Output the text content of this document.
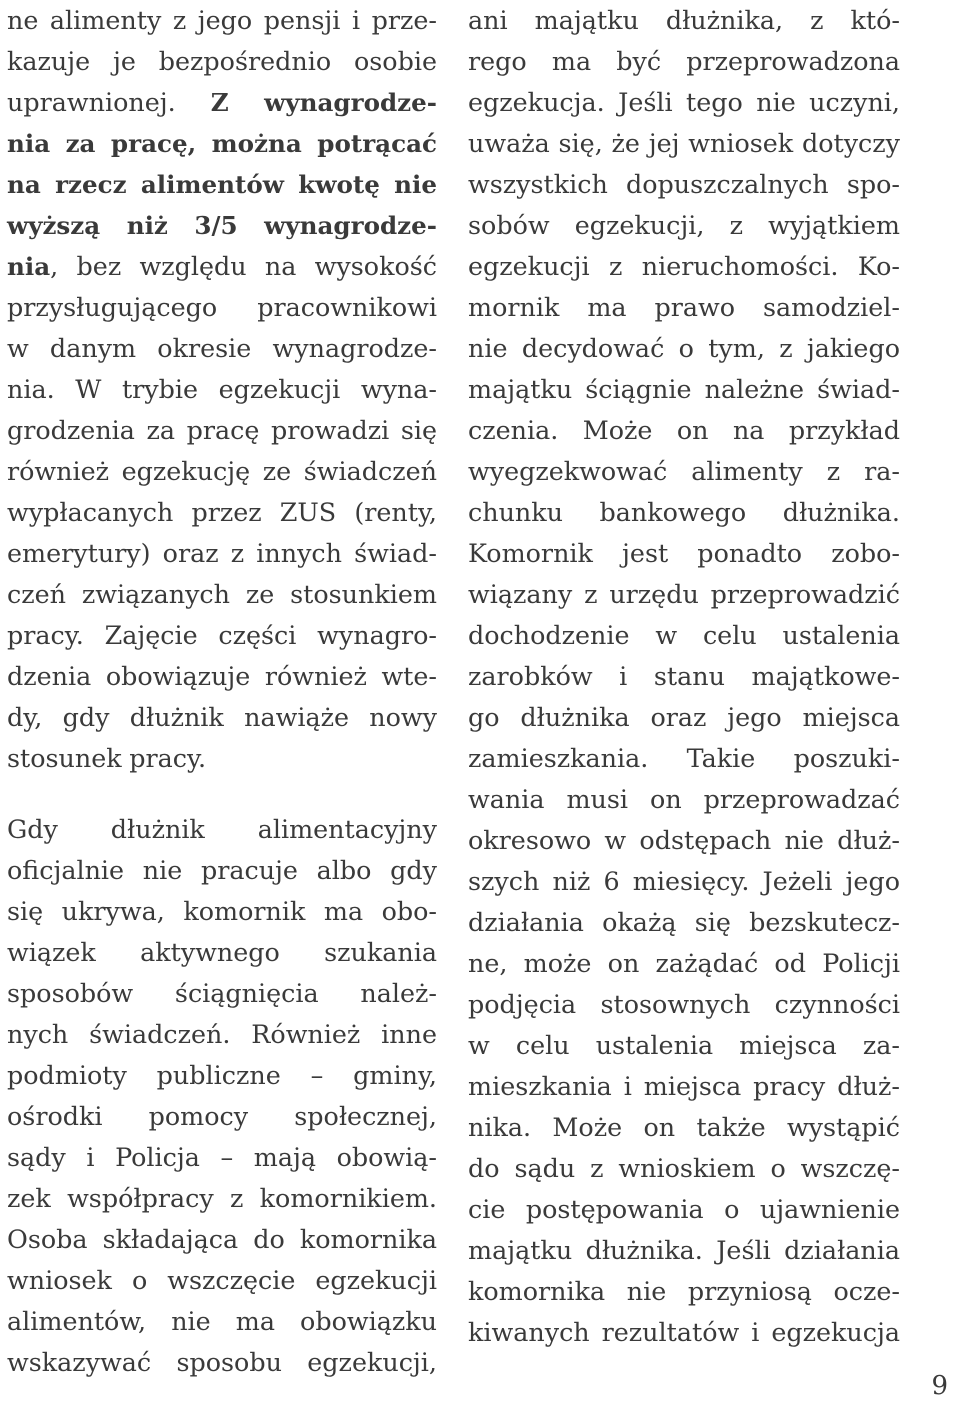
ne alimenty z jego pensji i prze-
kazuje je bezpośrednio osobie
uprawnionej. Z wynagrodze-
nia za pracę, można potrącać
na rzecz alimentów kwotę nie
wyższą niż 3/5 wynagrodze-
nia, bez względu na wysokość
przysługującego pracownikowi
w danym okresie wynagrodze-
nia. W trybie egzekucji wyna-
grodzenia za pracę prowadzi się
również egzekucję ze świadczeń
wypłacanych przez ZUS (renty,
emerytury) oraz z innych świad-
czeń związanych ze stosunkiem
pracy. Zajęcie części wynagro-
dzenia obowiązuje również wte-
dy, gdy dłużnik nawiąże nowy
stosunek pracy.
Gdy dłużnik alimentacyjny
oficjalnie nie pracuje albo gdy
się ukrywa, komornik ma obo-
wiązek aktywnego szukania
sposobów ściągnięcia należ-
nych świadczeń. Również inne
podmioty publiczne – gminy,
ośrodki pomocy społecznej,
sądy i Policja – mają obowią-
zek współpracy z komornikiem.
Osoba składająca do komornika
wniosek o wszczęcie egzekucji
alimentów, nie ma obowiązku
wskazywać sposobu egzekucji,
ani majątku dłużnika, z któ-
rego ma być przeprowadzona
egzekucja. Jeśli tego nie uczyni,
uważa się, że jej wniosek dotyczy
wszystkich dopuszczalnych spo-
sobów egzekucji, z wyjątkiem
egzekucji z nieruchomości. Ko-
mornik ma prawo samodziel-
nie decydować o tym, z jakiego
majątku ściągnie należne świad-
czenia. Może on na przykład
wyegzekwować alimenty z ra-
chunku bankowego dłużnika.
Komornik jest ponadto zobo-
wiązany z urzędu przeprowadzić
dochodzenie w celu ustalenia
zarobków i stanu majątkowe-
go dłużnika oraz jego miejsca
zamieszkania. Takie poszuki-
wania musi on przeprowadzać
okresowo w odstępach nie dłuż-
szych niż 6 miesięcy. Jeżeli jego
działania okażą się bezskutecz-
ne, może on zażądać od Policji
podjęcia stosownych czynności
w celu ustalenia miejsca za-
mieszkania i miejsca pracy dłuż-
nika. Może on także wystąpić
do sądu z wnioskiem o wszczę-
cie postępowania o ujawnienie
majątku dłużnika. Jeśli działania
komornika nie przyniosą ocze-
kiwanych rezultatów i egzekucja
9
